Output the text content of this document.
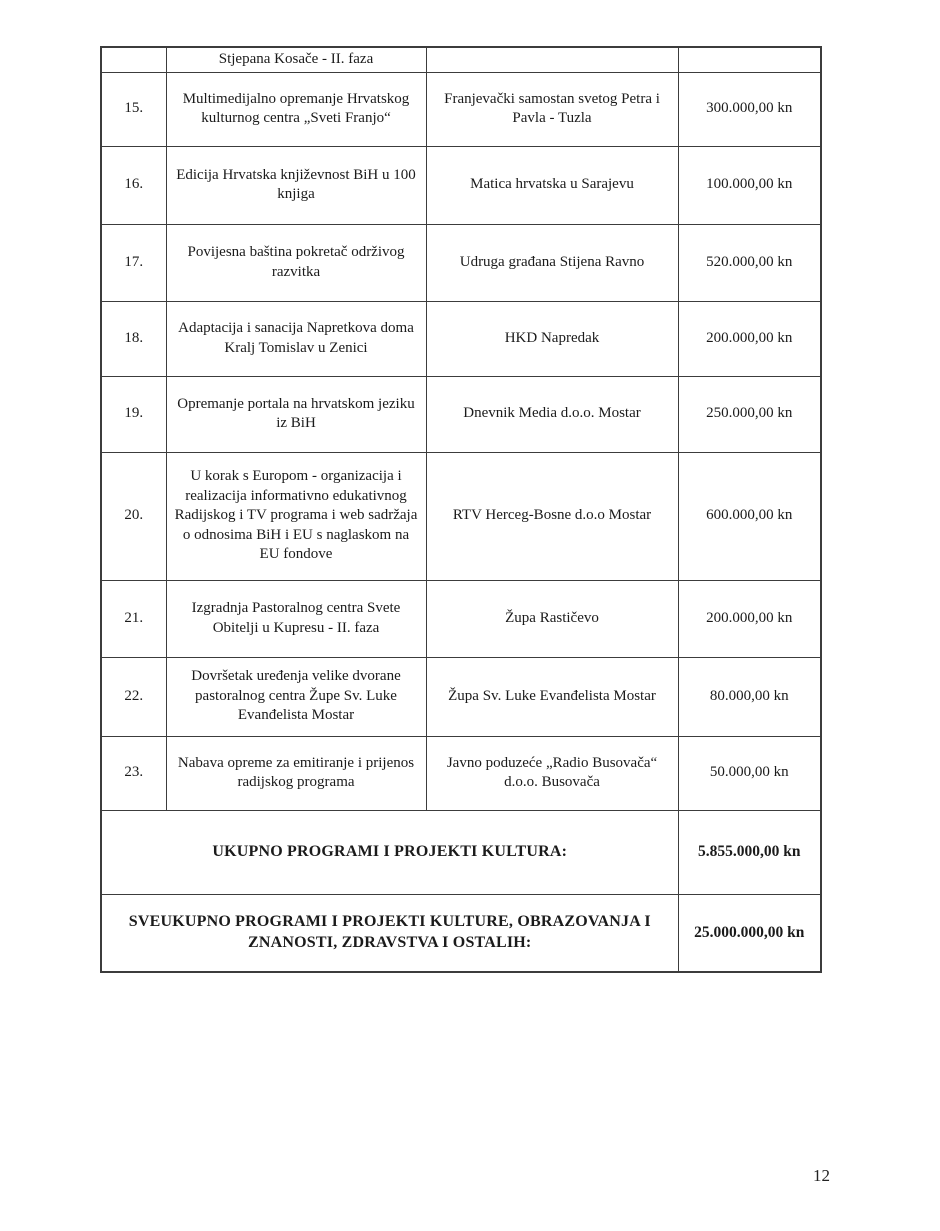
	Stjepana Kosače - II. faza		
15.	Multimedijalno opremanje Hrvatskog kulturnog centra „Sveti Franjo“	Franjevački samostan svetog Petra i Pavla - Tuzla	300.000,00 kn
16.	Edicija Hrvatska književnost BiH u 100 knjiga	Matica hrvatska u Sarajevu	100.000,00 kn
17.	Povijesna baština pokretač održivog razvitka	Udruga građana Stijena Ravno	520.000,00 kn
18.	Adaptacija i sanacija Napretkova doma Kralj Tomislav u Zenici	HKD Napredak	200.000,00 kn
19.	Opremanje portala na hrvatskom jeziku iz BiH	Dnevnik Media d.o.o. Mostar	250.000,00 kn
20.	U korak s Europom - organizacija i realizacija informativno edukativnog Radijskog i TV programa i web sadržaja o odnosima BiH i EU s naglaskom na EU fondove	RTV Herceg-Bosne d.o.o Mostar	600.000,00 kn
21.	Izgradnja Pastoralnog centra Svete Obitelji u Kupresu - II. faza	Župa Rastičevo	200.000,00 kn
22.	Dovršetak uređenja velike dvorane pastoralnog centra Župe Sv. Luke Evanđelista Mostar	Župa Sv. Luke Evanđelista Mostar	80.000,00 kn
23.	Nabava opreme za emitiranje i prijenos radijskog programa	Javno poduzeće „Radio Busovača“ d.o.o. Busovača	50.000,00 kn
UKUPNO PROGRAMI I PROJEKTI KULTURA:			5.855.000,00 kn
SVEUKUPNO PROGRAMI I PROJEKTI KULTURE, OBRAZOVANJA I ZNANOSTI, ZDRAVSTVA I OSTALIH:			25.000.000,00 kn
12
